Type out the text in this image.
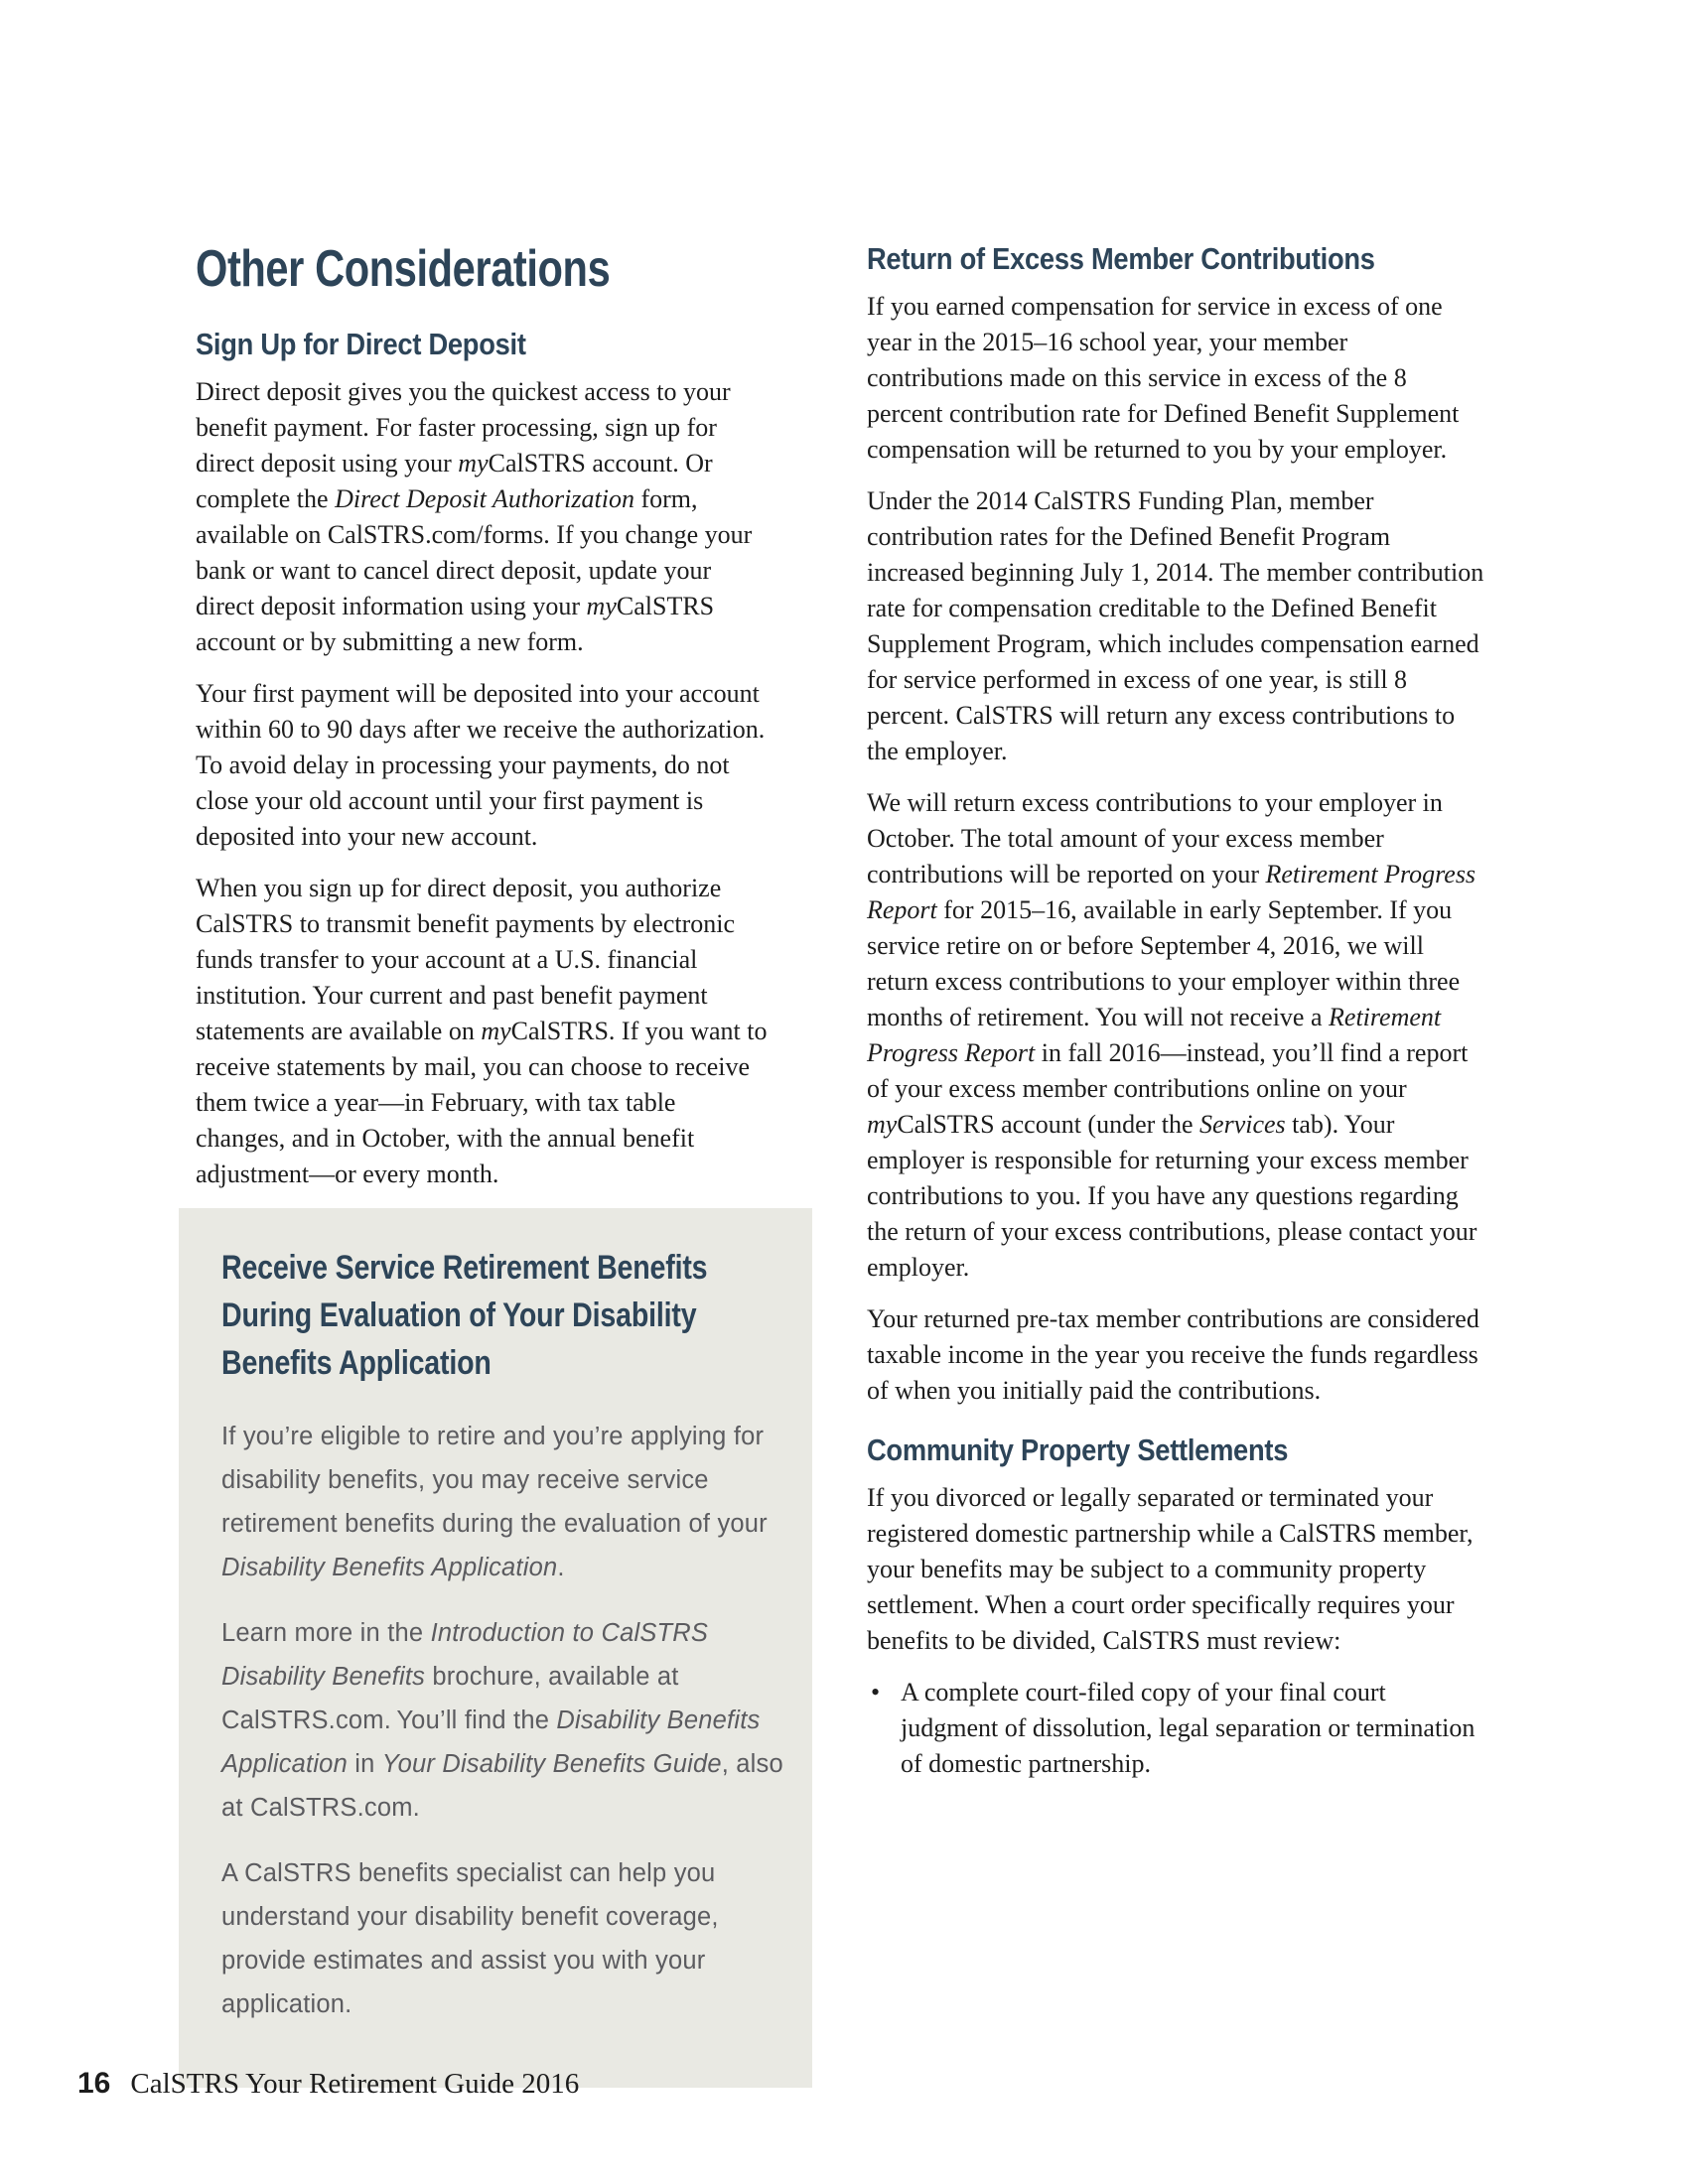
Other Considerations
Sign Up for Direct Deposit

Direct deposit gives you the quickest access to your benefit payment. For faster processing, sign up for direct deposit using your myCalSTRS account. Or complete the Direct Deposit Authorization form, available on CalSTRS.com/forms. If you change your bank or want to cancel direct deposit, update your direct deposit information using your myCalSTRS account or by submitting a new form.

Your first payment will be deposited into your account within 60 to 90 days after we receive the authorization. To avoid delay in processing your payments, do not close your old account until your first payment is deposited into your new account.

When you sign up for direct deposit, you authorize CalSTRS to transmit benefit payments by electronic funds transfer to your account at a U.S. financial institution. Your current and past benefit payment statements are available on myCalSTRS. If you want to receive statements by mail, you can choose to receive them twice a year—in February, with tax table changes, and in October, with the annual benefit adjustment—or every month.

Receive Service Retirement Benefits During Evaluation of Your Disability Benefits Application

If you’re eligible to retire and you’re applying for disability benefits, you may receive service retirement benefits during the evaluation of your Disability Benefits Application.

Learn more in the Introduction to CalSTRS Disability Benefits brochure, available at CalSTRS.com. You’ll find the Disability Benefits Application in Your Disability Benefits Guide, also at CalSTRS.com.

A CalSTRS benefits specialist can help you understand your disability benefit coverage, provide estimates and assist you with your application.

Return of Excess Member Contributions

If you earned compensation for service in excess of one year in the 2015–16 school year, your member contributions made on this service in excess of the 8 percent contribution rate for Defined Benefit Supplement compensation will be returned to you by your employer.

Under the 2014 CalSTRS Funding Plan, member contribution rates for the Defined Benefit Program increased beginning July 1, 2014. The member contribution rate for compensation creditable to the Defined Benefit Supplement Program, which includes compensation earned for service performed in excess of one year, is still 8 percent. CalSTRS will return any excess contributions to the employer.

We will return excess contributions to your employer in October. The total amount of your excess member contributions will be reported on your Retirement Progress Report for 2015–16, available in early September. If you service retire on or before September 4, 2016, we will return excess contributions to your employer within three months of retirement. You will not receive a Retirement Progress Report in fall 2016—instead, you’ll find a report of your excess member contributions online on your myCalSTRS account (under the Services tab). Your employer is responsible for returning your excess member contributions to you. If you have any questions regarding the return of your excess contributions, please contact your employer.

Your returned pre-tax member contributions are considered taxable income in the year you receive the funds regardless of when you initially paid the contributions.

Community Property Settlements

If you divorced or legally separated or terminated your registered domestic partnership while a CalSTRS member, your benefits may be subject to a community property settlement. When a court order specifically requires your benefits to be divided, CalSTRS must review:

• A complete court-filed copy of your final court judgment of dissolution, legal separation or termination of domestic partnership.
16 CalSTRS Your Retirement Guide 2016
